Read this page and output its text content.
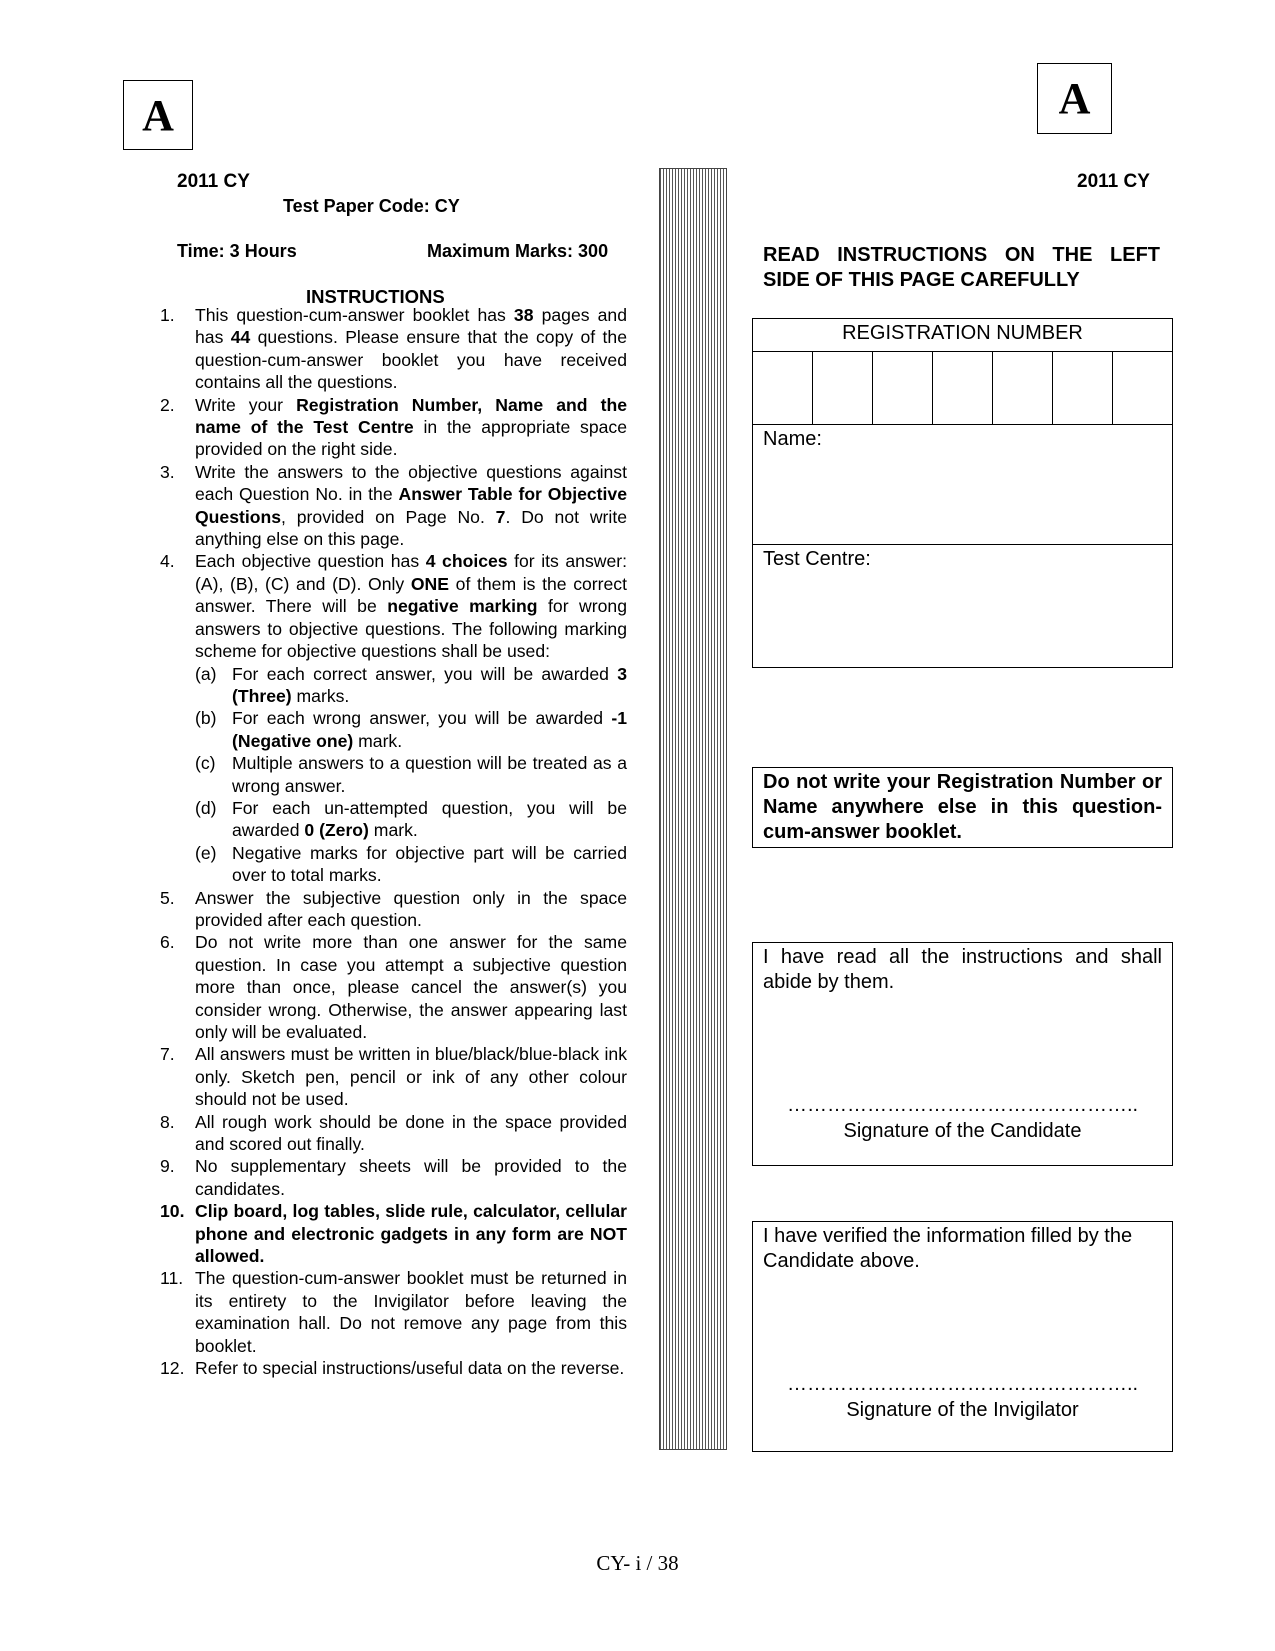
A	A
2011 CY
Test Paper Code: CY
Time: 3 Hours	Maximum Marks: 300
INSTRUCTIONS
1. This question-cum-answer booklet has 38 pages and has 44 questions. Please ensure that the copy of the question-cum-answer booklet you have received contains all the questions.
2. Write your Registration Number, Name and the name of the Test Centre in the appropriate space provided on the right side.
3. Write the answers to the objective questions against each Question No. in the Answer Table for Objective Questions, provided on Page No. 7. Do not write anything else on this page.
4. Each objective question has 4 choices for its answer: (A), (B), (C) and (D). Only ONE of them is the correct answer. There will be negative marking for wrong answers to objective questions. The following marking scheme for objective questions shall be used:
(a) For each correct answer, you will be awarded 3 (Three) marks.
(b) For each wrong answer, you will be awarded -1 (Negative one) mark.
(c) Multiple answers to a question will be treated as a wrong answer.
(d) For each un-attempted question, you will be awarded 0 (Zero) mark.
(e) Negative marks for objective part will be carried over to total marks.
5. Answer the subjective question only in the space provided after each question.
6. Do not write more than one answer for the same question. In case you attempt a subjective question more than once, please cancel the answer(s) you consider wrong. Otherwise, the answer appearing last only will be evaluated.
7. All answers must be written in blue/black/blue-black ink only. Sketch pen, pencil or ink of any other colour should not be used.
8. All rough work should be done in the space provided and scored out finally.
9. No supplementary sheets will be provided to the candidates.
10. Clip board, log tables, slide rule, calculator, cellular phone and electronic gadgets in any form are NOT allowed.
11. The question-cum-answer booklet must be returned in its entirety to the Invigilator before leaving the examination hall. Do not remove any page from this booklet.
12. Refer to special instructions/useful data on the reverse.
2011 CY
READ INSTRUCTIONS ON THE LEFT SIDE OF THIS PAGE CAREFULLY
REGISTRATION NUMBER
Name:
Test Centre:
Do not write your Registration Number or Name anywhere else in this question-cum-answer booklet.
I have read all the instructions and shall abide by them.
……………………………………………..
Signature of the Candidate
I have verified the information filled by the Candidate above.
……………………………………………..
Signature of the Invigilator
CY- i / 38
